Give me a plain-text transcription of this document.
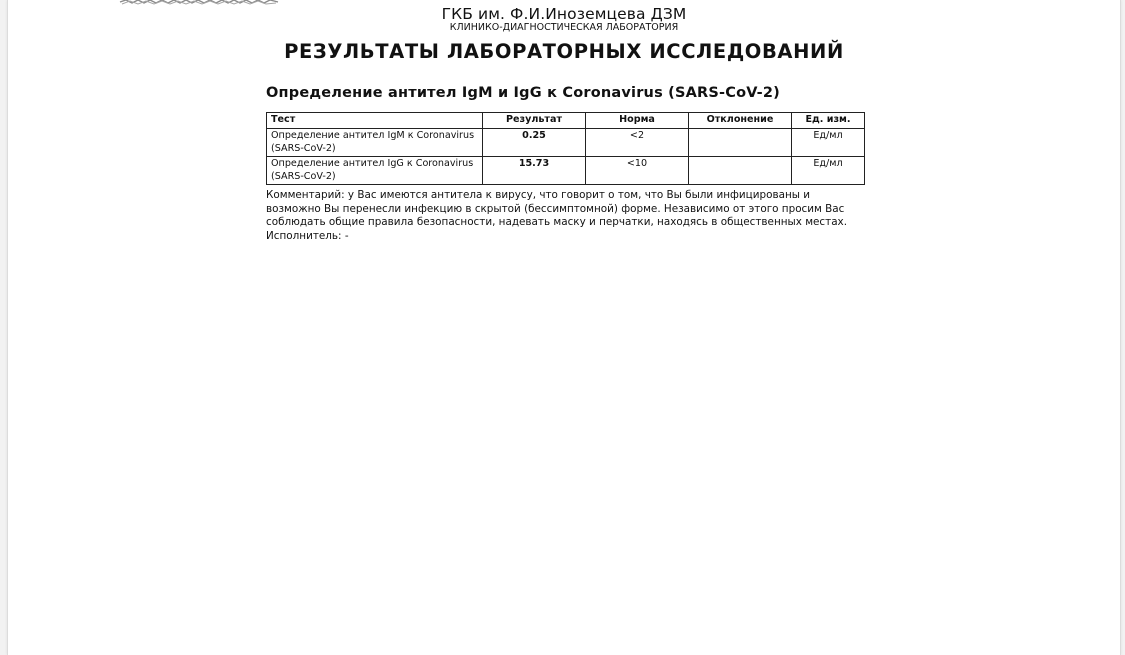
ГКБ им. Ф.И.Иноземцева ДЗМ
КЛИНИКО-ДИАГНОСТИЧЕСКАЯ ЛАБОРАТОРИЯ
РЕЗУЛЬТАТЫ ЛАБОРАТОРНЫХ ИССЛЕДОВАНИЙ
Определение антител IgM и IgG к Coronavirus (SARS-CoV-2)
Тест	Результат	Норма	Отклонение	Ед. изм.
Определение антител IgM к Coronavirus (SARS-CoV-2)	0.25	<2		Ед/мл
Определение антител IgG к Coronavirus (SARS-CoV-2)	15.73	<10		Ед/мл
Комментарий: у Вас имеются антитела к вирусу, что говорит о том, что Вы были инфицированы и возможно Вы перенесли инфекцию в скрытой (бессимптомной) форме. Независимо от этого просим Вас соблюдать общие правила безопасности, надевать маску и перчатки, находясь в общественных местах.
Исполнитель: -
